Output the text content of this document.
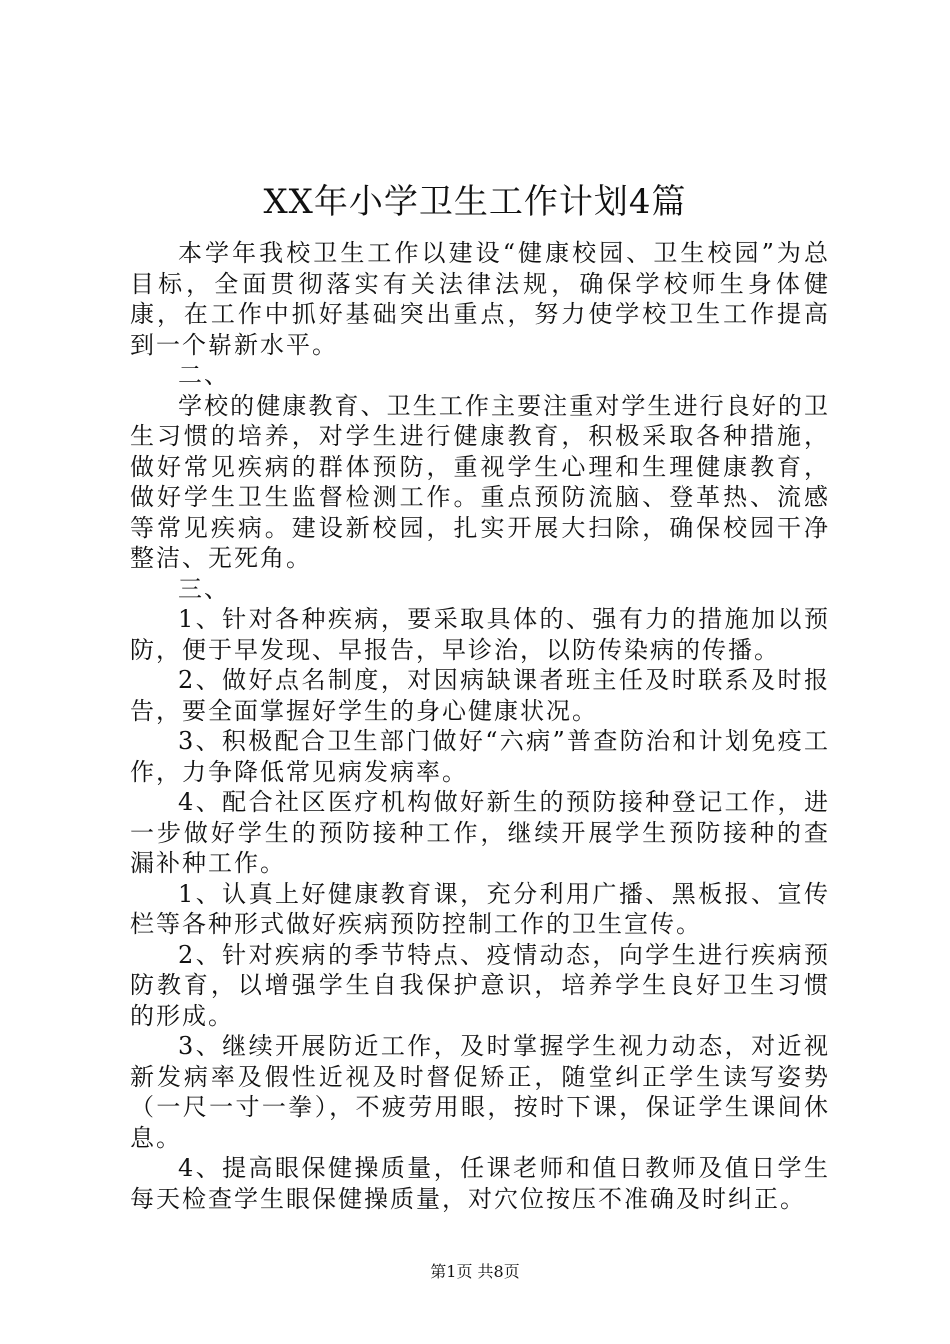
XX年小学卫生工作计划4篇

本学年我校卫生工作以建设“健康校园、卫生校园”为总目标，全面贯彻落实有关法律法规，确保学校师生身体健康，在工作中抓好基础突出重点，努力使学校卫生工作提高到一个崭新水平。

二、

学校的健康教育、卫生工作主要注重对学生进行良好的卫生习惯的培养，对学生进行健康教育，积极采取各种措施，做好常见疾病的群体预防，重视学生心理和生理健康教育，做好学生卫生监督检测工作。重点预防流脑、登革热、流感等常见疾病。建设新校园，扎实开展大扫除，确保校园干净整洁、无死角。

三、

1、针对各种疾病，要采取具体的、强有力的措施加以预防，便于早发现、早报告，早诊治，以防传染病的传播。

2、做好点名制度，对因病缺课者班主任及时联系及时报告，要全面掌握好学生的身心健康状况。

3、积极配合卫生部门做好“六病”普查防治和计划免疫工作，力争降低常见病发病率。

4、配合社区医疗机构做好新生的预防接种登记工作，进一步做好学生的预防接种工作，继续开展学生预防接种的查漏补种工作。

1、认真上好健康教育课，充分利用广播、黑板报、宣传栏等各种形式做好疾病预防控制工作的卫生宣传。

2、针对疾病的季节特点、疫情动态，向学生进行疾病预防教育，以增强学生自我保护意识，培养学生良好卫生习惯的形成。

3、继续开展防近工作，及时掌握学生视力动态，对近视新发病率及假性近视及时督促矫正，随堂纠正学生读写姿势（一尺一寸一拳），不疲劳用眼，按时下课，保证学生课间休息。

4、提高眼保健操质量，任课老师和值日教师及值日学生每天检查学生眼保健操质量，对穴位按压不准确及时纠正。

第1页 共8页
